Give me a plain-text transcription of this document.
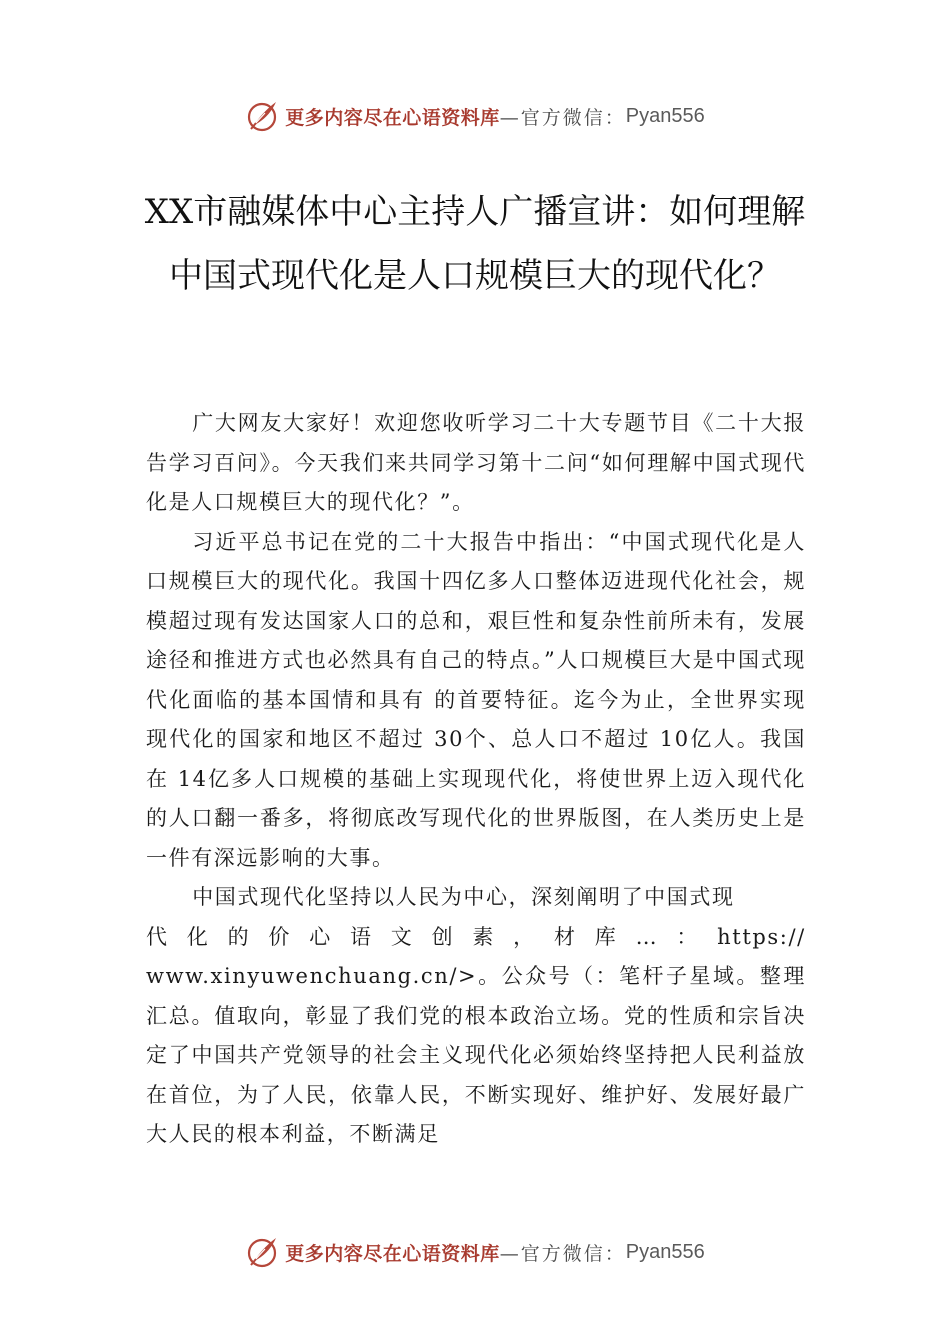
更多内容尽在心语资料库 —官方微信： Pyan556
XX市融媒体中心主持人广播宣讲：如何理解中国式现代化是人口规模巨大的现代化？

广大网友大家好！欢迎您收听学习二十大专题节目《二十大报告学习百问》。今天我们来共同学习第十二问“如何理解中国式现代化是人口规模巨大的现代化？”。

习近平总书记在党的二十大报告中指出：“中国式现代化是人口规模巨大的现代化。我国十四亿多人口整体迈进现代化社会，规模超过现有发达国家人口的总和，艰巨性和复杂性前所未有，发展途径和推进方式也必然具有自己的特点。”人口规模巨大是中国式现代化面临的基本国情和具有 的首要特征。迄今为止，全世界实现现代化的国家和地区不超过 30个、总人口不超过 10亿人。我国在 14亿多人口规模的基础上实现现代化，将使世界上迈入现代化的人口翻一番多，将彻底改写现代化的世界版图，在人类历史上是一件有深远影响的大事。

中国式现代化坚持以人民为中心，深刻阐明了中国式现

代 化 的 价 心 语 文 创 素 ， 材 库 … ： https://

www.xinyuwenchuang.cn/>。公众号（：笔杆子星域。整理汇总。值取向，彰显了我们党的根本政治立场。党的性质和宗旨决定了中国共产党领导的社会主义现代化必须始终坚持把人民利益放在首位，为了人民，依靠人民，不断实现好、维护好、发展好最广大人民的根本利益，不断满足

更多内容尽在心语资料库 —官方微信： Pyan556
